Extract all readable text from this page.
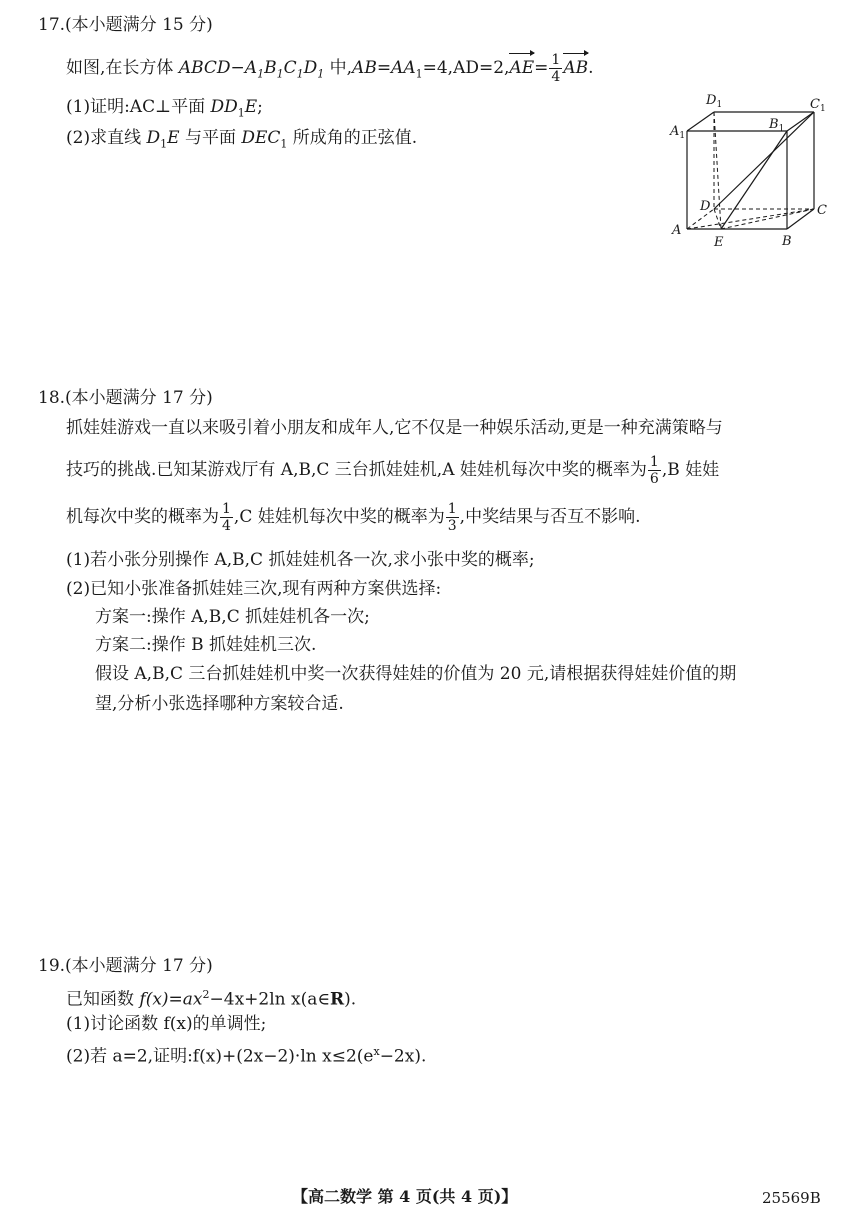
17.(本小题满分 15 分)
如图,在长方体 $ABCD-A_1B_1C_1D_1$ 中$,AB=AA_1=4,AD=2,AE= \frac{1}{4}$ AB.
(1)证明:AC⊥平面 $DD_1E$;
(2)求直线 $D_1E$ 与平面 $DEC_1$ 所成角的正弦值.
$D_1$	$C_1$
$A_1$
$B_1$
D	C
A
E	B
18.(本小题满分 17 分)
抓娃娃游戏一直以来吸引着小朋友和成年人,它不仅是一种娱乐活动,更是一种充满策略与
技巧的挑战.已知某游戏厅有 A,B,C 三台抓娃娃机,A 娃娃机每次中奖的概率为 $\frac{1}{6} ,B$ 娃娃
机每次中奖的概率为 $\frac{1}{4} ,C$ 娃娃机每次中奖的概率为 $\frac{1}{3}$ ,中奖结果与否互不影响.
(1)若小张分别操作 A,B,C 抓娃娃机各一次,求小张中奖的概率;
(2)已知小张准备抓娃娃三次,现有两种方案供选择:
方案一:操作 A,B,C 抓娃娃机各一次;
方案二:操作 B 抓娃娃机三次.
假设 A,B,C 三台抓娃娃机中奖一次获得娃娃的价值为 20 元,请根据获得娃娃价值的期
望,分析小张选择哪种方案较合适.
19.(本小题满分 17 分)
已知函数 $f(x)=ax^2-4x+2\ln$ x(a∈R).
(1)讨论函数 f(x)的单调性;
(2)若 a=2,证明:f(x)+(2x−2)·ln $x\le 2(e^x-2x)$.
【高二数学 第 4 页(共 4 页)】	25569B
